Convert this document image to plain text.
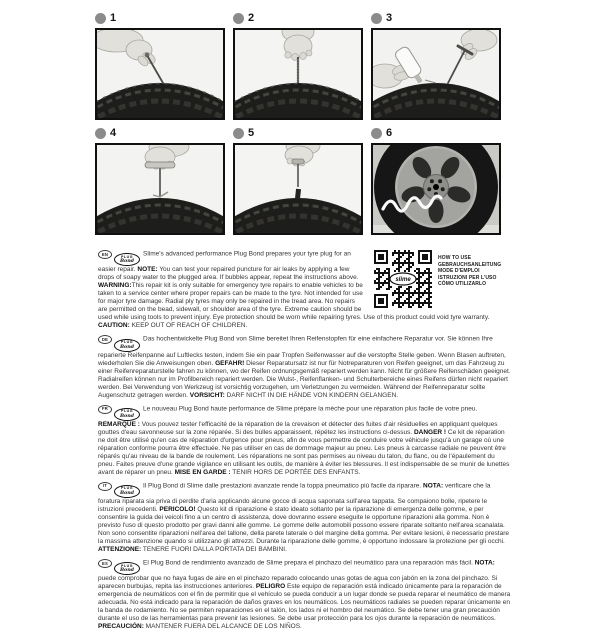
1	2	3
4	5	6
slime
HOW TO USE
GEBRAUCHSANLEITUNG
MODE D'EMPLOI
ISTRUZIONI PER L'USO
CÓMO UTILIZARLO

EN	PLUG
Bond
Slime's advanced performance Plug Bond prepares your tyre plug for an easier repair. NOTE: You can test your repaired puncture for air leaks by applying a few drops of soapy water to the plugged area. If bubbles appear, repeat the instructions above. WARNING:This repair kit is only suitable for emergency tyre repairs to enable vehicles to be taken to a service center where proper repairs can be made to the tyre. Not intended for use for major tyre damage. Radial ply tyres may only be repaired in the tread area. No repairs are permitted on the bead, sidewall, or shoulder area of the tyre. Extreme caution should be used while using tools to prevent injury. Eye protection should be worn while repairing tyres. Use of this product could void tyre warranty. CAUTION: KEEP OUT OF REACH OF CHILDREN.

DE	PLUG
Bond
Das hochentwickelte Plug Bond von Slime bereitet Ihren Reifenstopfen für eine einfachere Reparatur vor. Sie können Ihre reparierte Reifenpanne auf Luftlecks testen, indem Sie ein paar Tropfen Seifenwasser auf die verstopfte Stelle geben. Wenn Blasen auftreten, wiederholen Sie die Anweisungen oben. GEFAHR! Dieser Reparatursatz ist nur für Notreparaturen von Reifen geeignet, um das Fahrzeug zu einer Reifenreparaturstelle fahren zu können, wo der Reifen ordnungsgemäß repariert werden kann. Nicht für größere Reifenschäden geeignet. Radialreifen können nur im Profilbereich repariert werden. Die Wulst-, Reifenflanken- und Schulterbereiche eines Reifens dürfen nicht repariert werden. Bei Verwendung von Werkzeug ist vorsichtig vorzugehen, um Verletzungen zu vermeiden. Während der Reifenreparatur sollte Augenschutz getragen werden. VORSICHT: DARF NICHT IN DIE HÄNDE VON KINDERN GELANGEN.

FR	PLUG
Bond
Le nouveau Plug Bond haute performance de Slime prépare la mèche pour une réparation plus facile de votre pneu. REMARQUE : Vous pouvez tester l'efficacité de la réparation de la crevaison et détecter des fuites d'air résiduelles en appliquant quelques gouttes d'eau savonneuse sur la zone réparée. Si des bulles apparaissent, répétez les instructions ci-dessus. DANGER ! Ce kit de réparation ne doit être utilisé qu'en cas de réparation d'urgence pour pneus, afin de vous permettre de conduire votre véhicule jusqu'à un garage où une réparation conforme pourra être effectuée. Ne pas utiliser en cas de dommage majeur au pneu. Les pneus à carcasse radiale ne peuvent être réparés qu'au niveau de la bande de roulement. Les réparations ne sont pas permises au niveau du talon, du flanc, ou de l'épaulement du pneu. Faites preuve d'une grande vigilance en utilisant les outils, de manière à éviter les blessures. Il est indispensable de se munir de lunettes avant de réparer un pneu. MISE EN GARDE : TENIR HORS DE PORTÉE DES ENFANTS.

IT	PLUG
Bond
Il Plug Bond di Slime dalle prestazioni avanzate rende la toppa pneumatico più facile da riparare. NOTA: verificare che la foratura riparata sia priva di perdite d'aria applicando alcune gocce di acqua saponata sull'area tappata. Se compaiono bolle, ripetere le istruzioni precedenti. PERICOLO! Questo kit di riparazione è stato ideato soltanto per la riparazione di emergenza delle gomme, e per consentire la guida dei veicoli fino a un centro di assistenza, dove dovranno essere eseguite le opportune riparazioni alla gomma. Non è previsto l'uso di questo prodotto per gravi danni alle gomme. Le gomme delle automobili possono essere riparate soltanto nell'area scanalata. Non sono consentite riparazioni nell'area del tallone, della parete laterale o del margine della gomma. Per evitare lesioni, è necessario prestare la massima attenzione quando si utilizzano gli attrezzi. Durante la riparazione delle gomme, è opportuno indossare la protezione per gli occhi. ATTENZIONE: TENERE FUORI DALLA PORTATA DEI BAMBINI.

ES	PLUG
Bond
El Plug Bond de rendimiento avanzado de Slime prepara el pinchazo del neumático para una reparación más fácil. NOTA: puede comprobar que no haya fugas de aire en el pinchazo reparado colocando unas gotas de agua con jabón en la zona del pinchazo. Si aparecen burbujas, repita las instrucciones anteriores. PELIGRO Este equipo de reparación está indicado únicamente para la reparación de emergencia de neumáticos con el fin de permitir que el vehículo se pueda conducir a un lugar donde se pueda reparar el neumático de manera adecuada. No está indicado para la reparación de daños graves en los neumáticos. Los neumáticos radiales se pueden reparar únicamente en la banda de rodamiento. No se permiten reparaciones en el talón, los lados ni el hombro del neumático. Se debe tener una gran precaución durante el uso de las herramientas para prevenir las lesiones. Se debe usar protección para los ojos durante la reparación de neumáticos. PRECAUCIÓN: MANTENER FUERA DEL ALCANCE DE LOS NIÑOS.
